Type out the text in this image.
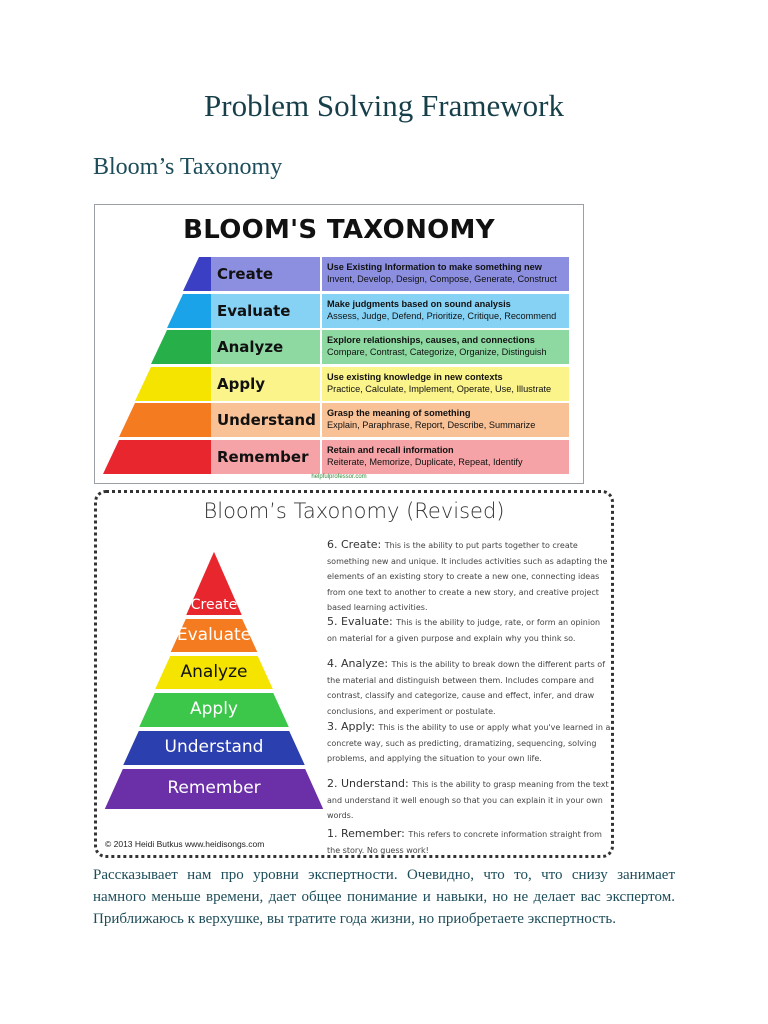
Problem Solving Framework
Bloom’s Taxonomy
BLOOM'S TAXONOMY
Create	Use Existing Information to make something new
Invent, Develop, Design, Compose, Generate, Construct
Evaluate	Make judgments based on sound analysis
Assess, Judge, Defend, Prioritize, Critique, Recommend
Analyze	Explore relationships, causes, and connections
Compare, Contrast, Categorize, Organize, Distinguish
Apply	Use existing knowledge in new contexts
Practice, Calculate, Implement, Operate, Use, Illustrate
Understand	Grasp the meaning of something
Explain, Paraphrase, Report, Describe, Summarize
Remember	Retain and recall information
Reiterate, Memorize, Duplicate, Repeat, Identify
helpfulprofessor.com
Bloom’s Taxonomy (Revised)
Create
Evaluate
Analyze
Apply
Understand
Remember
6. Create: This is the ability to put parts together to create something new and unique. It includes activities such as adapting the elements of an existing story to create a new one, connecting ideas from one text to another to create a new story, and creative project based learning activities.
5. Evaluate: This is the ability to judge, rate, or form an opinion on material for a given purpose and explain why you think so.
4. Analyze: This is the ability to break down the different parts of the material and distinguish between them. Includes compare and contrast, classify and categorize, cause and effect, infer, and draw conclusions, and experiment or postulate.
3. Apply: This is the ability to use or apply what you've learned in a concrete way, such as predicting, dramatizing, sequencing, solving problems, and applying the situation to your own life.
2. Understand: This is the ability to grasp meaning from the text and understand it well enough so that you can explain it in your own words.
1. Remember: This refers to concrete information straight from the story. No guess work!
© 2013 Heidi Butkus www.heidisongs.com
Рассказывает нам про уровни экспертности. Очевидно, что то, что снизу занимает намного меньше времени, дает общее понимание и навыки, но не делает вас экспертом. Приближаюсь к верхушке, вы тратите года жизни, но приобретаете экспертность.
